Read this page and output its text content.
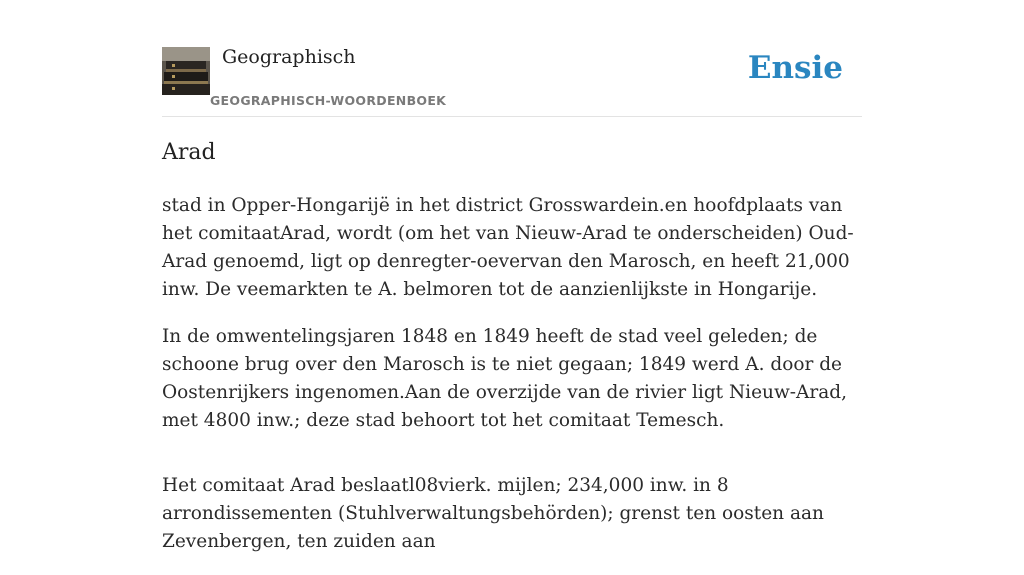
Geographisch
GEOGRAPHISCH-WOORDENBOEK
Ensie
Arad

stad in Opper-Hongarijë in het district Grosswardein.en hoofdplaats van het comitaatArad, wordt (om het van Nieuw-Arad te onderscheiden) Oud-Arad genoemd, ligt op denregter-oevervan den Marosch, en heeft 21,000 inw. De veemarkten te A. belmoren tot de aanzienlijkste in Hongarije.

In de omwentelingsjaren 1848 en 1849 heeft de stad veel geleden; de schoone brug over den Marosch is te niet gegaan; 1849 werd A. door de Oostenrijkers ingenomen.Aan de overzijde van de rivier ligt Nieuw-Arad, met 4800 inw.; deze stad behoort tot het comitaat Temesch.

Het comitaat Arad beslaatl08vierk. mijlen; 234,000 inw. in 8 arrondissementen (Stuhlverwaltungsbehörden); grenst ten oosten aan Zevenbergen, ten zuiden aan
